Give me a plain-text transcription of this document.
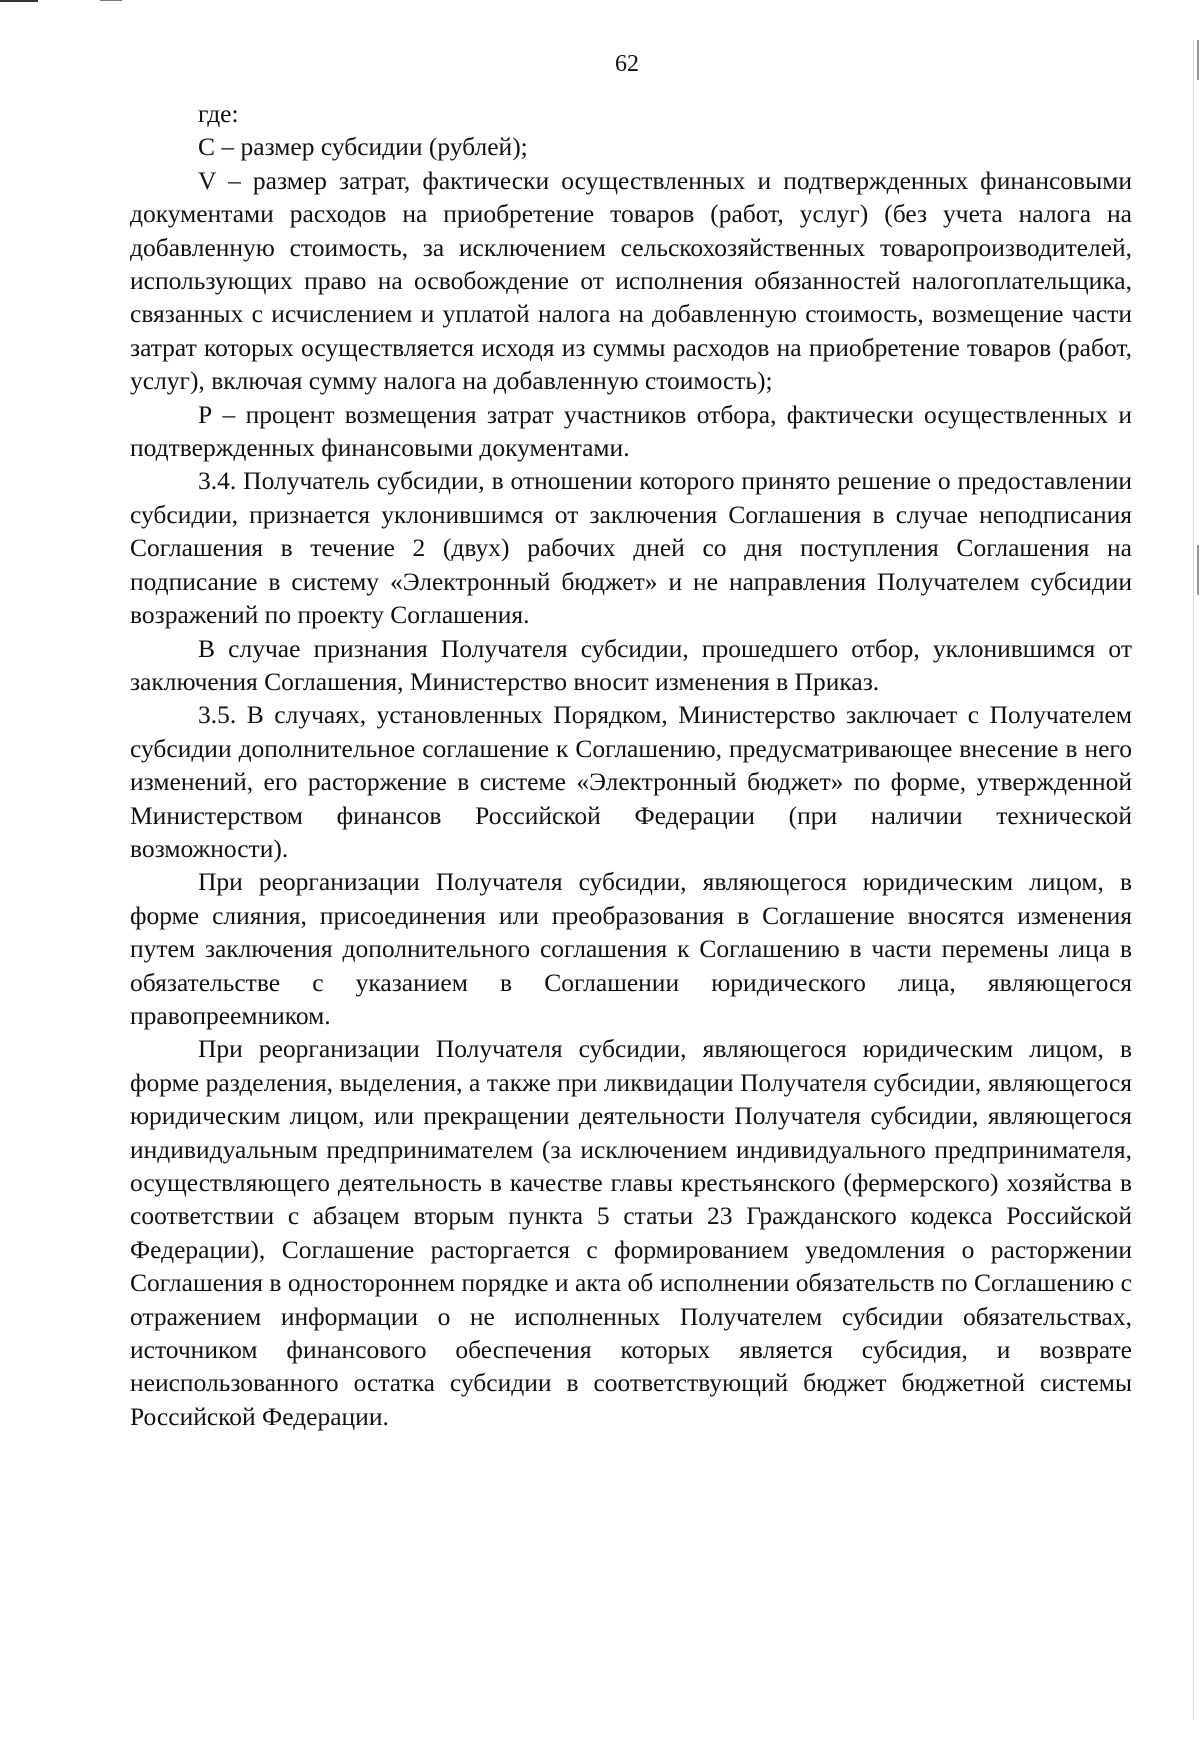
62

где:

С – размер субсидии (рублей);

V – размер затрат, фактически осуществленных и подтвержденных финансовыми документами расходов на приобретение товаров (работ, услуг) (без учета налога на добавленную стоимость, за исключением сельскохозяйственных товаропроизводителей, использующих право на освобождение от исполнения обязанностей налогоплательщика, связанных с исчислением и уплатой налога на добавленную стоимость, возмещение части затрат которых осуществляется исходя из суммы расходов на приобретение товаров (работ, услуг), включая сумму налога на добавленную стоимость);

Р – процент возмещения затрат участников отбора, фактически осуществленных и подтвержденных финансовыми документами.

3.4. Получатель субсидии, в отношении которого принято решение о предоставлении субсидии, признается уклонившимся от заключения Соглашения в случае неподписания Соглашения в течение 2 (двух) рабочих дней со дня поступления Соглашения на подписание в систему «Электронный бюджет» и не направления Получателем субсидии возражений по проекту Соглашения.

В случае признания Получателя субсидии, прошедшего отбор, уклонившимся от заключения Соглашения, Министерство вносит изменения в Приказ.

3.5. В случаях, установленных Порядком, Министерство заключает с Получателем субсидии дополнительное соглашение к Соглашению, предусматривающее внесение в него изменений, его расторжение в системе «Электронный бюджет» по форме, утвержденной Министерством финансов Российской Федерации (при наличии технической возможности).

При реорганизации Получателя субсидии, являющегося юридическим лицом, в форме слияния, присоединения или преобразования в Соглашение вносятся изменения путем заключения дополнительного соглашения к Соглашению в части перемены лица в обязательстве с указанием в Соглашении юридического лица, являющегося правопреемником.

При реорганизации Получателя субсидии, являющегося юридическим лицом, в форме разделения, выделения, а также при ликвидации Получателя субсидии, являющегося юридическим лицом, или прекращении деятельности Получателя субсидии, являющегося индивидуальным предпринимателем (за исключением индивидуального предпринимателя, осуществляющего деятельность в качестве главы крестьянского (фермерского) хозяйства в соответствии с абзацем вторым пункта 5 статьи 23 Гражданского кодекса Российской Федерации), Соглашение расторгается с формированием уведомления о расторжении Соглашения в одностороннем порядке и акта об исполнении обязательств по Соглашению с отражением информации о не исполненных Получателем субсидии обязательствах, источником финансового обеспечения которых является субсидия, и возврате неиспользованного остатка субсидии в соответствующий бюджет бюджетной системы Российской Федерации.
